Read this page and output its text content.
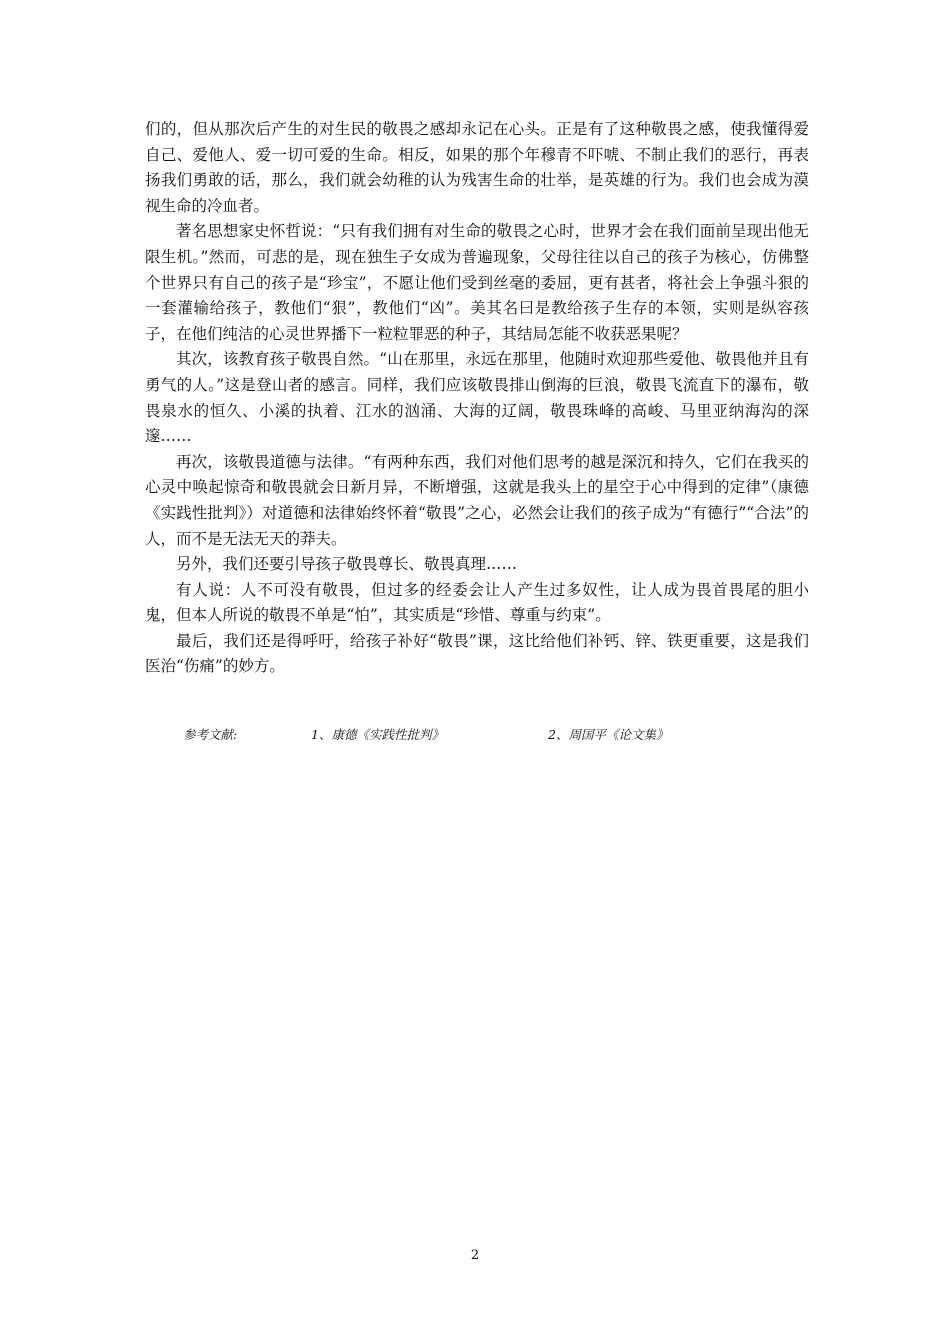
们的，但从那次后产生的对生民的敬畏之感却永记在心头。正是有了这种敬畏之感，使我懂得爱自己、爱他人、爱一切可爱的生命。相反，如果的那个年穆青不吓唬、不制止我们的恶行，再表扬我们勇敢的话，那么，我们就会幼稚的认为残害生命的壮举，是英雄的行为。我们也会成为漠视生命的冷血者。

著名思想家史怀哲说：“只有我们拥有对生命的敬畏之心时，世界才会在我们面前呈现出他无限生机。”然而，可悲的是，现在独生子女成为普遍现象，父母往往以自己的孩子为核心，仿佛整个世界只有自己的孩子是“珍宝”，不愿让他们受到丝毫的委屈，更有甚者，将社会上争强斗狠的一套灌输给孩子，教他们“狠”，教他们“凶”。美其名曰是教给孩子生存的本领，实则是纵容孩子，在他们纯洁的心灵世界播下一粒粒罪恶的种子，其结局怎能不收获恶果呢？

其次，该教育孩子敬畏自然。“山在那里，永远在那里，他随时欢迎那些爱他、敬畏他并且有勇气的人。”这是登山者的感言。同样，我们应该敬畏排山倒海的巨浪，敬畏飞流直下的瀑布，敬畏泉水的恒久、小溪的执着、江水的汹涌、大海的辽阔，敬畏珠峰的高峻、马里亚纳海沟的深邃……

再次，该敬畏道德与法律。“有两种东西，我们对他们思考的越是深沉和持久，它们在我买的心灵中唤起惊奇和敬畏就会日新月异，不断增强，这就是我头上的星空于心中得到的定律”（康德《实践性批判》）对道德和法律始终怀着“敬畏”之心，必然会让我们的孩子成为“有德行”“合法”的人，而不是无法无天的莽夫。

另外，我们还要引导孩子敬畏尊长、敬畏真理……

有人说：人不可没有敬畏，但过多的经委会让人产生过多奴性，让人成为畏首畏尾的胆小鬼，但本人所说的敬畏不单是“怕”，其实质是“珍惜、尊重与约束”。

最后，我们还是得呼吁，给孩子补好“敬畏”课，这比给他们补钙、锌、铁更重要，这是我们医治“伤痛”的妙方。

参考文献:	1、康德《实践性批判》	2、周国平《论文集》
2
